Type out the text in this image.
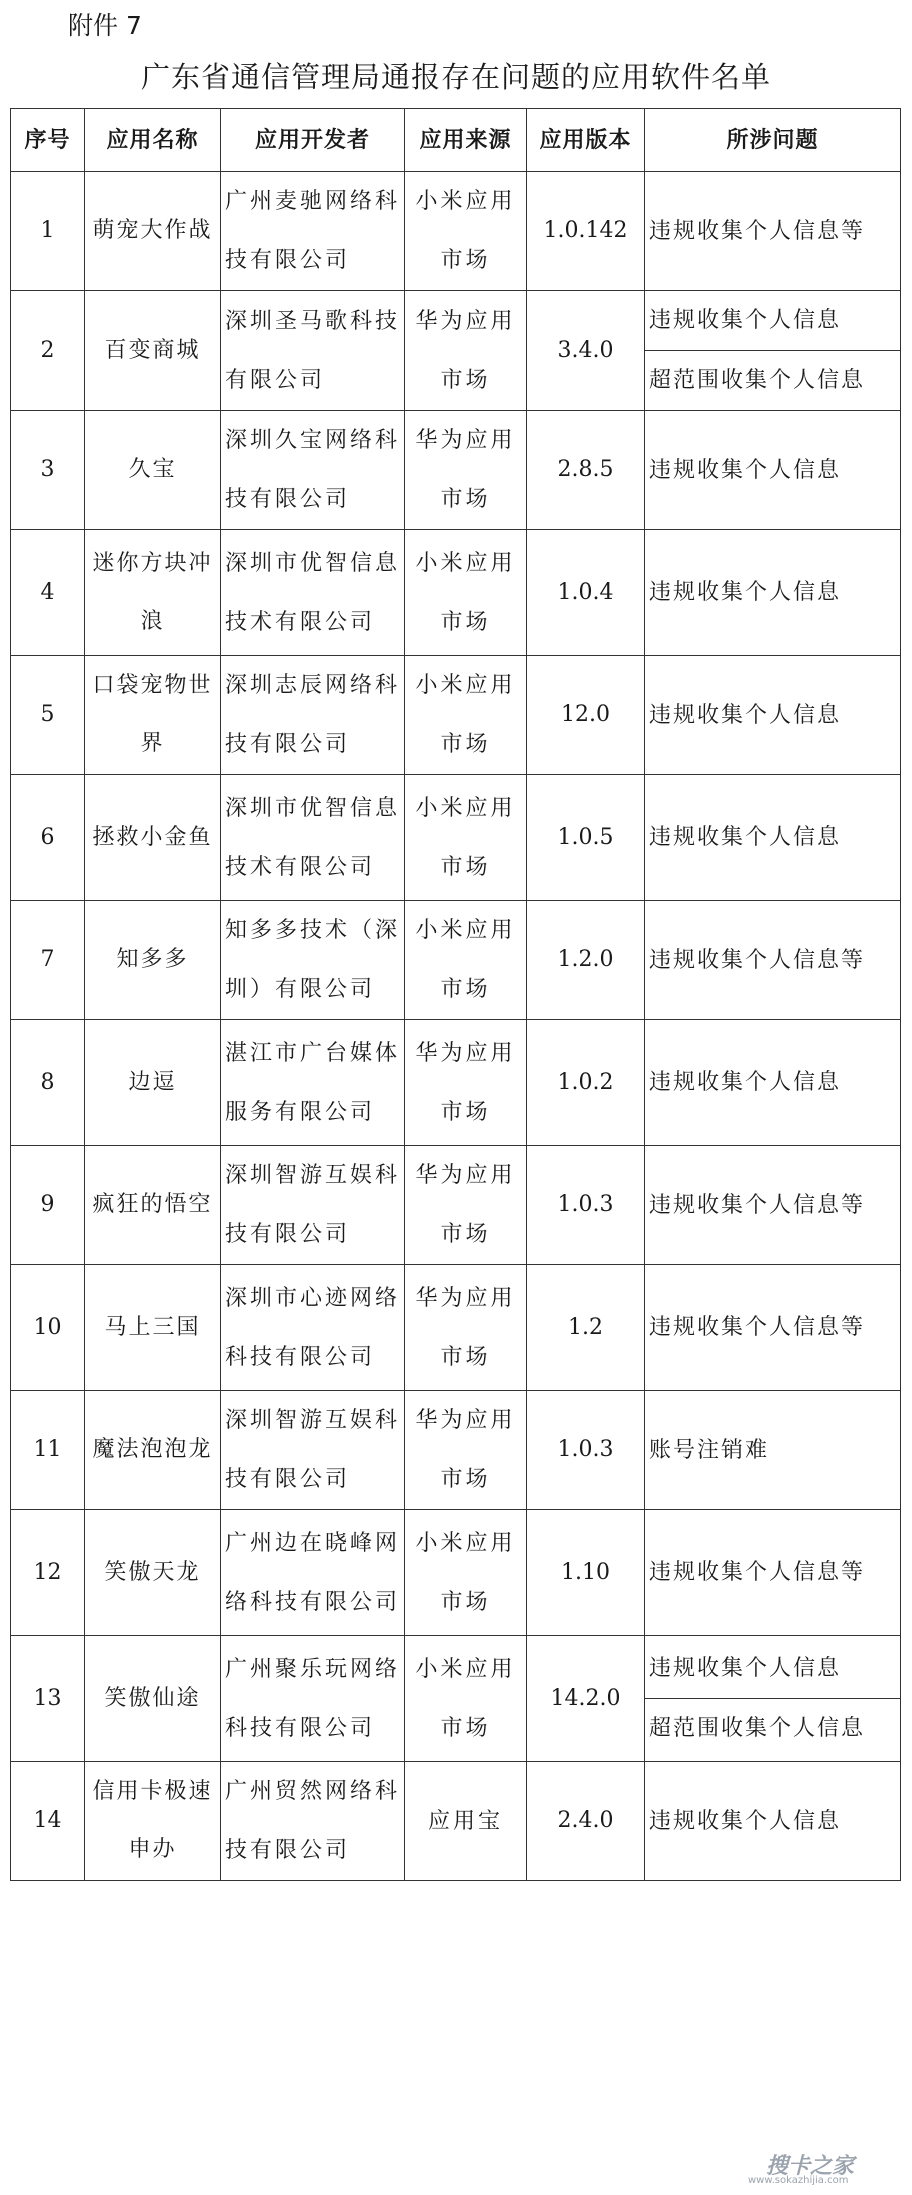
附件 7
广东省通信管理局通报存在问题的应用软件名单
序号	应用名称	应用开发者	应用来源	应用版本	所涉问题
1	萌宠大作战	广州麦驰网络科技有限公司	小米应用市场	1.0.142	违规收集个人信息等

2	百变商城	深圳圣马歌科技有限公司	华为应用市场	3.4.0	违规收集个人信息
超范围收集个人信息

3	久宝	深圳久宝网络科技有限公司	华为应用市场	2.8.5	违规收集个人信息

4	迷你方块冲浪	深圳市优智信息技术有限公司	小米应用市场	1.0.4	违规收集个人信息

5	口袋宠物世界	深圳志辰网络科技有限公司	小米应用市场	12.0	违规收集个人信息

6	拯救小金鱼	深圳市优智信息技术有限公司	小米应用市场	1.0.5	违规收集个人信息

7	知多多	知多多技术（深圳）有限公司	小米应用市场	1.2.0	违规收集个人信息等

8	边逗	湛江市广台媒体服务有限公司	华为应用市场	1.0.2	违规收集个人信息

9	疯狂的悟空	深圳智游互娱科技有限公司	华为应用市场	1.0.3	违规收集个人信息等

10	马上三国	深圳市心迹网络科技有限公司	华为应用市场	1.2	违规收集个人信息等

11	魔法泡泡龙	深圳智游互娱科技有限公司	华为应用市场	1.0.3	账号注销难

12	笑傲天龙	广州边在晓峰网络科技有限公司	小米应用市场	1.10	违规收集个人信息等

13	笑傲仙途	广州聚乐玩网络科技有限公司	小米应用市场	14.2.0	违规收集个人信息
超范围收集个人信息

14	信用卡极速申办	广州贸然网络科技有限公司	应用宝	2.4.0	违规收集个人信息
搜卡之家
www.sokazhijia.com
